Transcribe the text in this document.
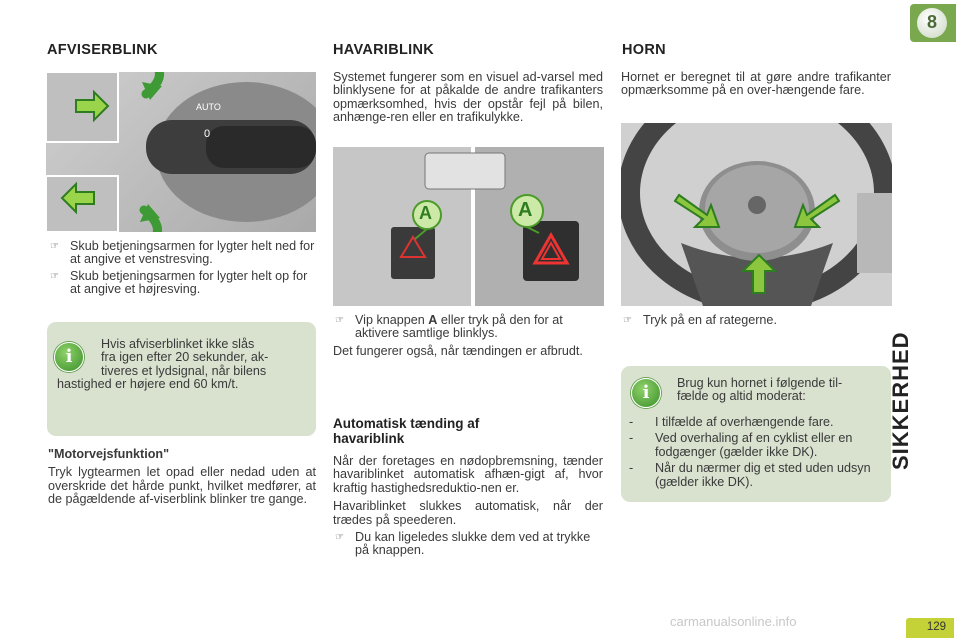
AFVISERBLINK
0
AUTO
☞ Skub betjeningsarmen for lygter helt ned for at angive et venstresving.
☞ Skub betjeningsarmen for lygter helt op for at angive et højresving.
i
Hvis afviserblinket ikke slås
fra igen efter 20 sekunder, ak-
tiveres et lydsignal, når bilens
hastighed er højere end 60 km/t.

"Motorvejsfunktion"

Tryk lygtearmen let opad eller nedad uden at overskride det hårde punkt, hvilket medfører, at de pågældende af-viserblink blinker tre gange.

HAVARIBLINK

Systemet fungerer som en visuel ad-varsel med blinklysene for at påkalde de andre trafikanters opmærksomhed, hvis der opstår fejl på bilen, anhænge-ren eller en trafikulykke.

A	A
☞ Vip knappen A eller tryk på den for at aktivere samtlige blinklys.

Det fungerer også, når tændingen er afbrudt.

Automatisk tænding af
havariblink

Når der foretages en nødopbremsning, tænder havariblinket automatisk afhæn-gigt af, hvor kraftig hastighedsreduktio-nen er.

Havariblinket slukkes automatisk, når der trædes på speederen.

☞ Du kan ligeledes slukke dem ved at trykke på knappen.
HORN

Hornet er beregnet til at gøre andre trafikanter opmærksomme på en over-hængende fare.

☞ Tryk på en af rategerne.
i	Brug kun hornet i følgende til-
fælde og altid moderat:
-	I tilfælde af overhængende fare.
-	Ved overhaling af en cyklist eller en fodgænger (gælder ikke DK).
-	Når du nærmer dig et sted uden udsyn (gælder ikke DK).
8
SIKKERHED
129
carmanualsonline.info
